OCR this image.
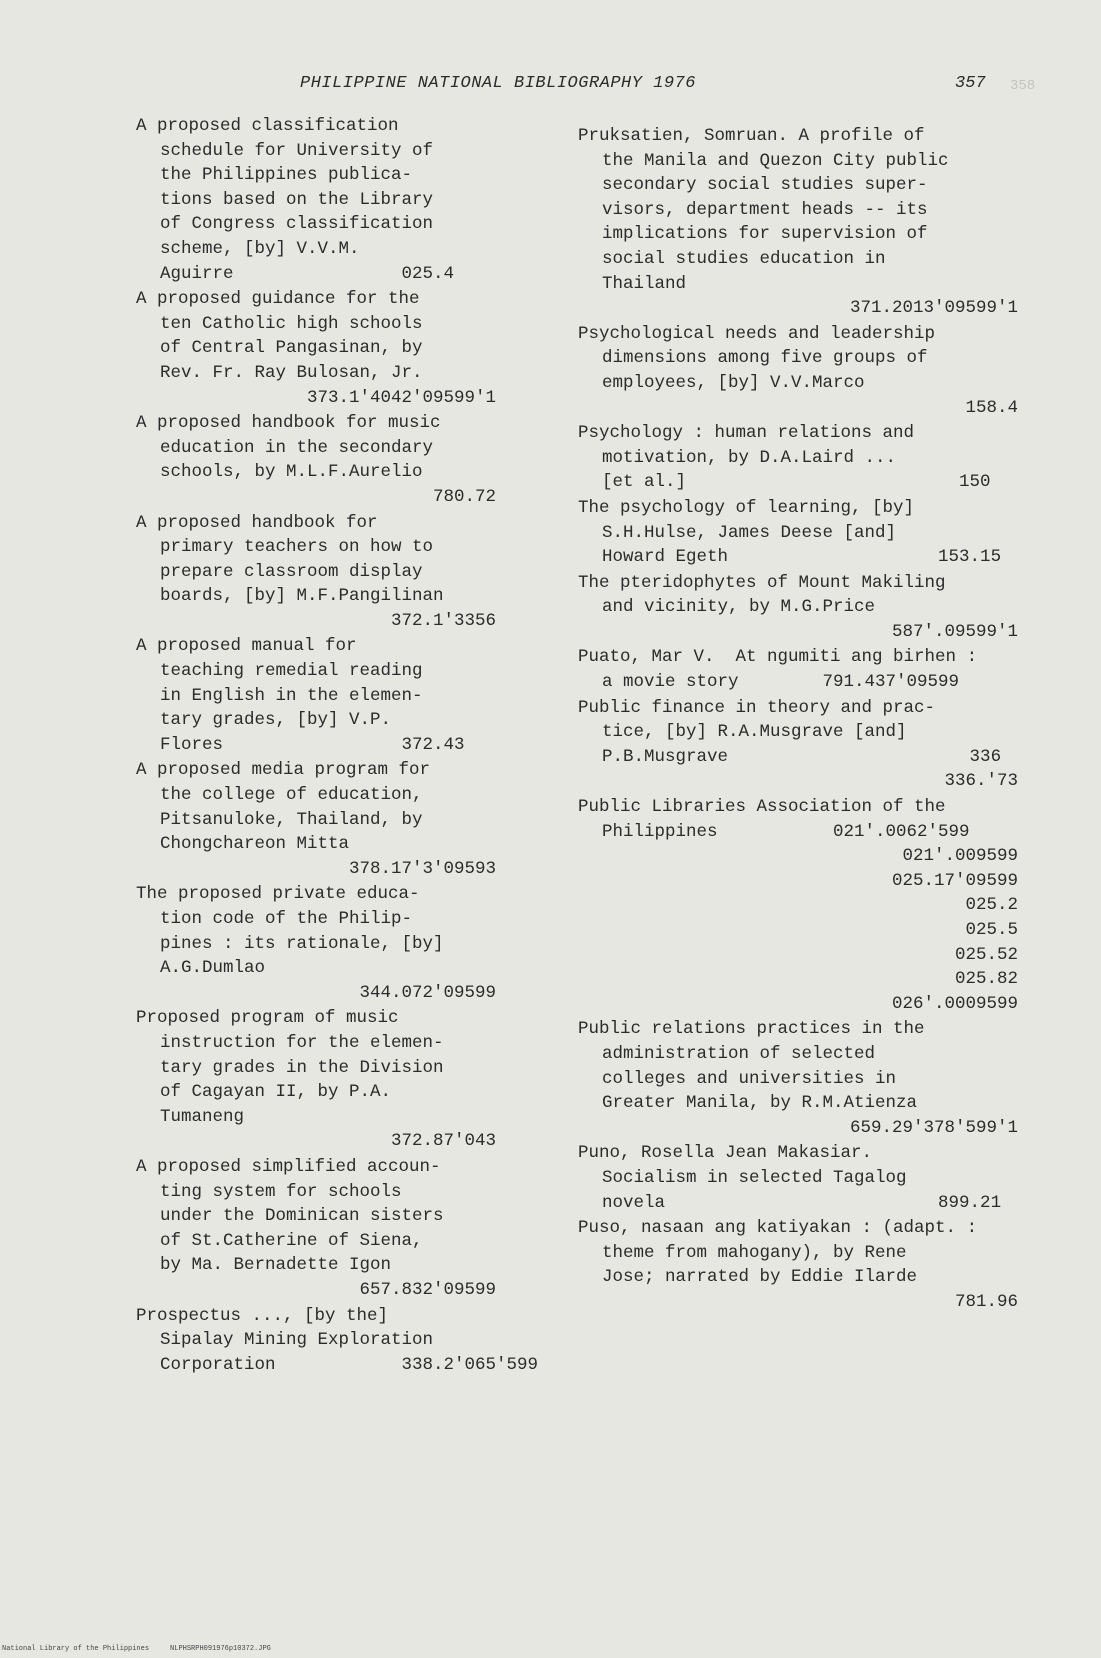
PHILIPPINE NATIONAL BIBLIOGRAPHY 1976	357 358
A proposed classification
schedule for University of
the Philippines publica-
tions based on the Library
of Congress classification
scheme, [by] V.V.M.
Aguirre                025.4
A proposed guidance for the
ten Catholic high schools
of Central Pangasinan, by
Rev. Fr. Ray Bulosan, Jr.
373.1'4042'09599'1
A proposed handbook for music
education in the secondary
schools, by M.L.F.Aurelio
780.72
A proposed handbook for
primary teachers on how to
prepare classroom display
boards, [by] M.F.Pangilinan
372.1'3356
A proposed manual for
teaching remedial reading
in English in the elemen-
tary grades, [by] V.P.
Flores                 372.43
A proposed media program for
the college of education,
Pitsanuloke, Thailand, by
Chongchareon Mitta
378.17'3'09593
The proposed private educa-
tion code of the Philip-
pines : its rationale, [by]
A.G.Dumlao
344.072'09599
Proposed program of music
instruction for the elemen-
tary grades in the Division
of Cagayan II, by P.A.
Tumaneng
372.87'043
A proposed simplified accoun-
ting system for schools
under the Dominican sisters
of St.Catherine of Siena,
by Ma. Bernadette Igon
657.832'09599
Prospectus ..., [by the]
Sipalay Mining Exploration
Corporation            338.2'065'599
Pruksatien, Somruan. A profile of
the Manila and Quezon City public
secondary social studies super-
visors, department heads -- its
implications for supervision of
social studies education in
Thailand
371.2013'09599'1
Psychological needs and leadership
dimensions among five groups of
employees, [by] V.V.Marco
158.4
Psychology : human relations and
motivation, by D.A.Laird ...
[et al.]                          150
The psychology of learning, [by]
S.H.Hulse, James Deese [and]
Howard Egeth                    153.15
The pteridophytes of Mount Makiling
and vicinity, by M.G.Price
587'.09599'1
Puato, Mar V.  At ngumiti ang birhen :
a movie story        791.437'09599
Public finance in theory and prac-
tice, [by] R.A.Musgrave [and]
P.B.Musgrave                       336
336.'73
Public Libraries Association of the
Philippines           021'.0062'599
021'.009599
025.17'09599
025.2
025.5
025.52
025.82
026'.0009599
Public relations practices in the
administration of selected
colleges and universities in
Greater Manila, by R.M.Atienza
659.29'378'599'1
Puno, Rosella Jean Makasiar.
Socialism in selected Tagalog
novela                          899.21
Puso, nasaan ang katiyakan : (adapt. :
theme from mahogany), by Rene
Jose; narrated by Eddie Ilarde
781.96
National Library of the Philippines	NLPHSRPH091976p10372.JPG
